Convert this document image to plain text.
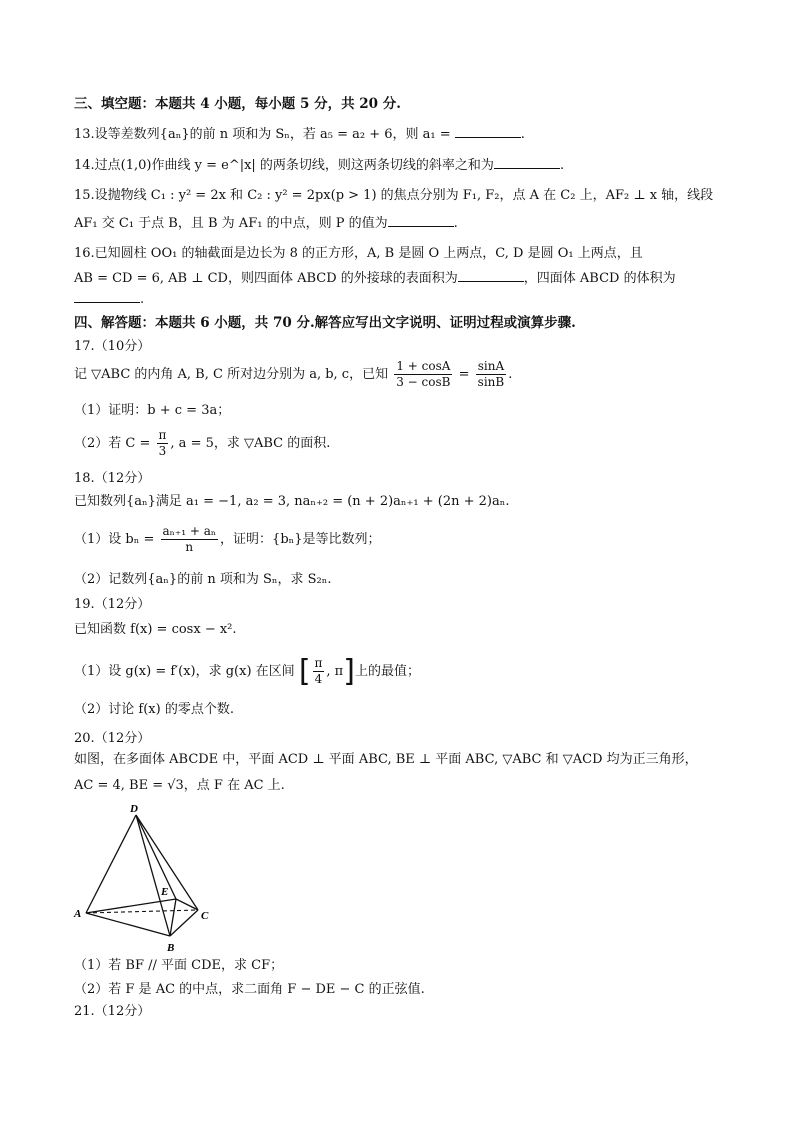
三、填空题：本题共 4 小题，每小题 5 分，共 20 分.
13.设等差数列{aₙ}的前 n 项和为 Sₙ，若 a₅ = a₂ + 6，则 a₁ =	.
14.过点(1,0)作曲线 y = e^|x| 的两条切线，则这两条切线的斜率之和为	.
15.设抛物线 C₁ : y² = 2x 和 C₂ : y² = 2px(p > 1) 的焦点分别为 F₁, F₂，点 A 在 C₂ 上，AF₂ ⊥ x 轴，线段
AF₁ 交 C₁ 于点 B，且 B 为 AF₁ 的中点，则 P 的值为	.
16.已知圆柱 OO₁ 的轴截面是边长为 8 的正方形，A, B 是圆 O 上两点，C, D 是圆 O₁ 上两点，且
AB = CD = 6, AB ⊥ CD，则四面体 ABCD 的外接球的表面积为	，四面体 ABCD 的体积为
.
四、解答题：本题共 6 小题，共 70 分.解答应写出文字说明、证明过程或演算步骤.
17.（10分）
记 ▽ABC 的内角 A, B, C 所对边分别为 a, b, c，已知 $\frac{1 + \cos A}{3 - \cos B} = \frac{\sin A}{\sin B}$ .
（1）证明：b + c = 3a；
（2）若 $C = \frac{\pi}{3}$ , a = 5，求 ▽ABC 的面积.
18.（12分）
已知数列{aₙ}满足 a₁ = −1, a₂ = 3, naₙ₊₂ = (n + 2)aₙ₊₁ + (2n + 2)aₙ.
（1）设 $b_n = \frac{\text{aₙ₊₁ + aₙ}}{n}$ ，证明：{bₙ}是等比数列；
（2）记数列{aₙ}的前 n 项和为 Sₙ，求 S₂ₙ.
19.（12分）
已知函数 f(x) = cosx − x².
（1）设 g(x) = f′(x)，求 g(x) 在区间 [ $\frac{\pi}{4}$ , π]上的最值；
（2）讨论 f(x) 的零点个数.
20.（12分）
如图，在多面体 ABCDE 中，平面 ACD ⊥ 平面 ABC, BE ⊥ 平面 ABC, ▽ABC 和 ▽ACD 均为正三角形，
AC = 4, BE = √3，点 F 在 AC 上.
D
E
A	C
B
（1）若 BF // 平面 CDE，求 CF；
（2）若 F 是 AC 的中点，求二面角 F − DE − C 的正弦值.
21.（12分）
